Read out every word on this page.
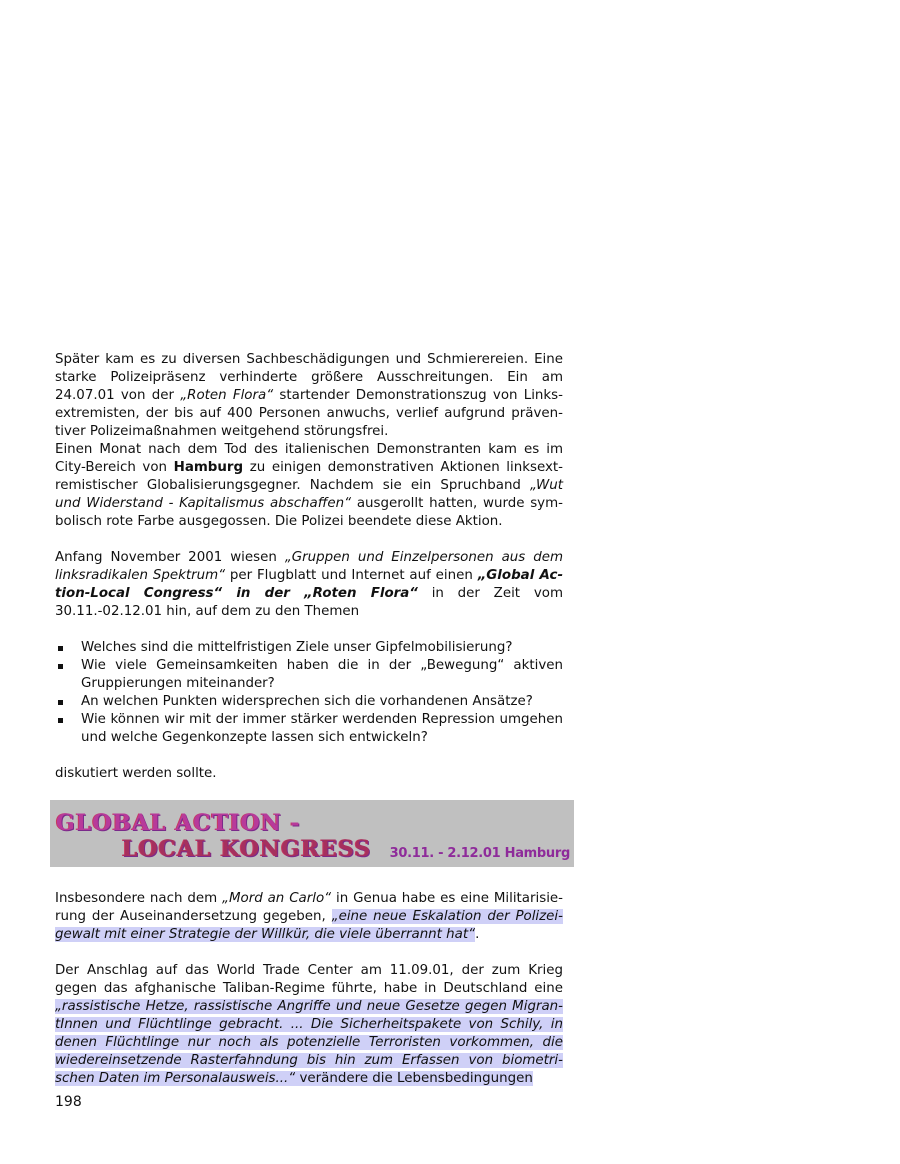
Später kam es zu diversen Sachbeschädigungen und Schmierereien. Eine starke Polizeipräsenz verhinderte größere Ausschreitungen. Ein am 24.07.01 von der „Roten Flora“ startender Demonstrationszug von Linksextremisten, der bis auf 400 Personen anwuchs, verlief aufgrund präventiver Polizeimaßnahmen weitgehend störungsfrei.

Einen Monat nach dem Tod des italienischen Demonstranten kam es im City-Bereich von Hamburg zu einigen demonstrativen Aktionen linksextremistischer Globalisierungsgegner. Nachdem sie ein Spruchband „Wut und Widerstand - Kapitalismus abschaffen“ ausgerollt hatten, wurde symbolisch rote Farbe ausgegossen. Die Polizei beendete diese Aktion.

Anfang November 2001 wiesen „Gruppen und Einzelpersonen aus dem linksradikalen Spektrum“ per Flugblatt und Internet auf einen „Global Action-Local Congress“ in der „Roten Flora“ in der Zeit vom 30.11.-02.12.01 hin, auf dem zu den Themen

Welches sind die mittelfristigen Ziele unser Gipfelmobilisierung?
Wie viele Gemeinsamkeiten haben die in der „Bewegung“ aktiven Gruppierungen miteinander?
An welchen Punkten widersprechen sich die vorhandenen Ansätze?
Wie können wir mit der immer stärker werdenden Repression umgehen und welche Gegenkonzepte lassen sich entwickeln?

diskutiert werden sollte.

GLOBAL ACTION -
LOCAL KONGRESS 30.11. - 2.12.01 Hamburg

Insbesondere nach dem „Mord an Carlo“ in Genua habe es eine Militarisierung der Auseinandersetzung gegeben, „eine neue Eskalation der Polizeigewalt mit einer Strategie der Willkür, die viele überrannt hat“.

Der Anschlag auf das World Trade Center am 11.09.01, der zum Krieg gegen das afghanische Taliban-Regime führte, habe in Deutschland eine „rassistische Hetze, rassistische Angriffe und neue Gesetze gegen MigrantInnen und Flüchtlinge gebracht. ... Die Sicherheitspakete von Schily, in denen Flüchtlinge nur noch als potenzielle Terroristen vorkommen, die wiedereinsetzende Rasterfahndung bis hin zum Erfassen von biometrischen Daten im Personalausweis...“ verändere die Lebensbedingungen

198
